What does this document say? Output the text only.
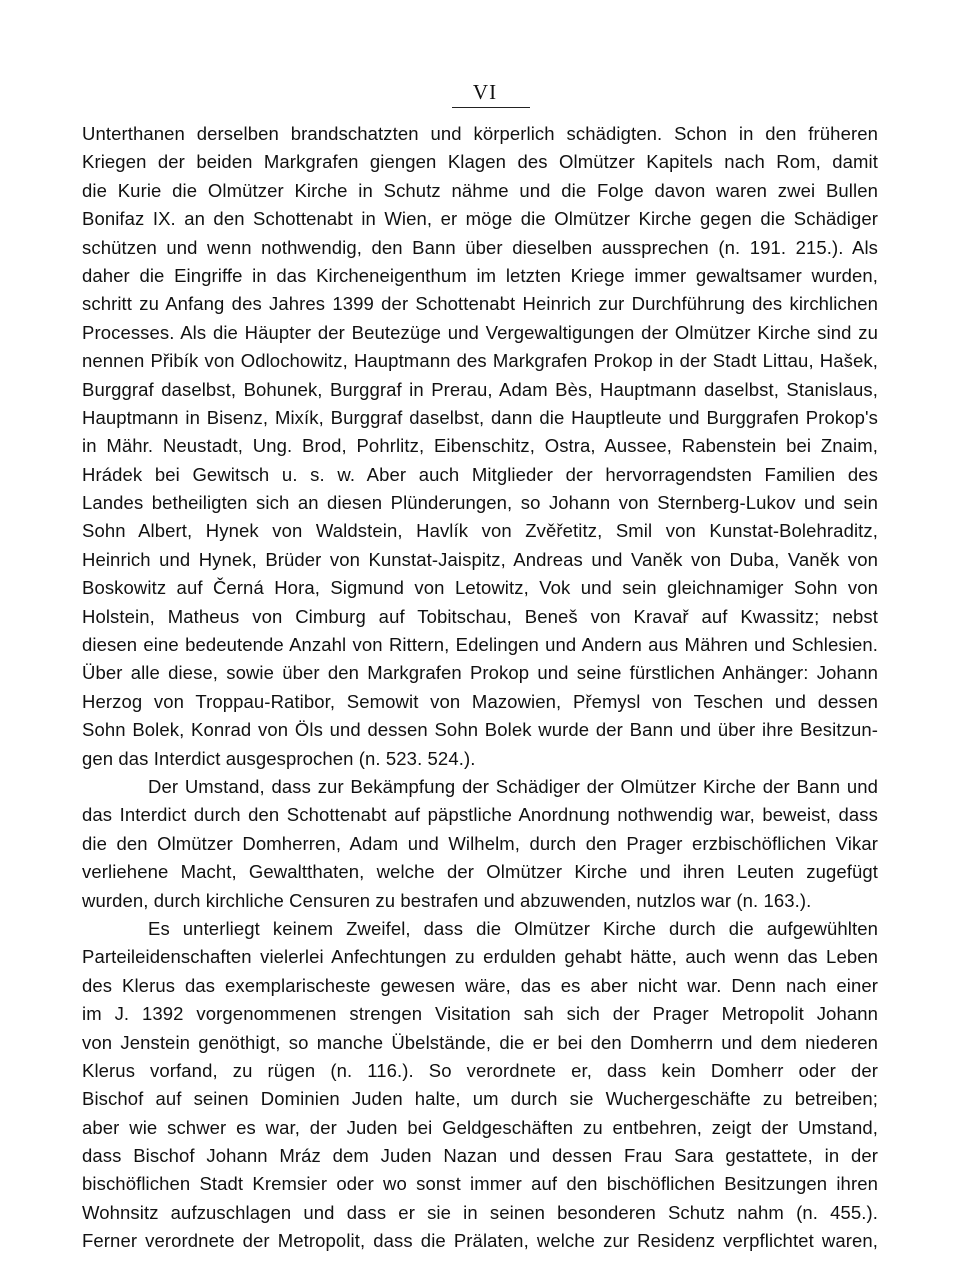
VI
Unterthanen derselben brandschatzten und körperlich schädigten. Schon in den früheren
Kriegen der beiden Markgrafen giengen Klagen des Olmützer Kapitels nach Rom, damit
die Kurie die Olmützer Kirche in Schutz nähme und die Folge davon waren zwei Bullen
Bonifaz IX. an den Schottenabt in Wien, er möge die Olmützer Kirche gegen die Schädiger
schützen und wenn nothwendig, den Bann über dieselben aussprechen (n. 191. 215.). Als
daher die Eingriffe in das Kircheneigenthum im letzten Kriege immer gewaltsamer wurden,
schritt zu Anfang des Jahres 1399 der Schottenabt Heinrich zur Durchführung des kirchlichen
Processes. Als die Häupter der Beutezüge und Vergewaltigungen der Olmützer Kirche sind zu
nennen Přibík von Odlochowitz, Hauptmann des Markgrafen Prokop in der Stadt Littau, Hašek,
Burggraf daselbst, Bohunek, Burggraf in Prerau, Adam Bès, Hauptmann daselbst, Stanislaus,
Hauptmann in Bisenz, Mixík, Burggraf daselbst, dann die Hauptleute und Burggrafen Prokop's
in Mähr. Neustadt, Ung. Brod, Pohrlitz, Eibenschitz, Ostra, Aussee, Rabenstein bei Znaim,
Hrádek bei Gewitsch u. s. w. Aber auch Mitglieder der hervorragendsten Familien des
Landes betheiligten sich an diesen Plünderungen, so Johann von Sternberg-Lukov und sein
Sohn Albert, Hynek von Waldstein, Havlík von Zvěřetitz, Smil von Kunstat-Bolehraditz,
Heinrich und Hynek, Brüder von Kunstat-Jaispitz, Andreas und Vaněk von Duba, Vaněk von
Boskowitz auf Černá Hora, Sigmund von Letowitz, Vok und sein gleichnamiger Sohn von
Holstein, Matheus von Cimburg auf Tobitschau, Beneš von Kravař auf Kwassitz; nebst
diesen eine bedeutende Anzahl von Rittern, Edelingen und Andern aus Mähren und Schlesien.
Über alle diese, sowie über den Markgrafen Prokop und seine fürstlichen Anhänger: Johann
Herzog von Troppau-Ratibor, Semowit von Mazowien, Přemysl von Teschen und dessen
Sohn Bolek, Konrad von Öls und dessen Sohn Bolek wurde der Bann und über ihre Besitzun-
gen das Interdict ausgesprochen (n. 523. 524.).
Der Umstand, dass zur Bekämpfung der Schädiger der Olmützer Kirche der Bann und
das Interdict durch den Schottenabt auf päpstliche Anordnung nothwendig war, beweist, dass
die den Olmützer Domherren, Adam und Wilhelm, durch den Prager erzbischöflichen Vikar
verliehene Macht, Gewaltthaten, welche der Olmützer Kirche und ihren Leuten zugefügt
wurden, durch kirchliche Censuren zu bestrafen und abzuwenden, nutzlos war (n. 163.).
Es unterliegt keinem Zweifel, dass die Olmützer Kirche durch die aufgewühlten
Parteileidenschaften vielerlei Anfechtungen zu erdulden gehabt hätte, auch wenn das Leben
des Klerus das exemplarischeste gewesen wäre, das es aber nicht war. Denn nach einer
im J. 1392 vorgenommenen strengen Visitation sah sich der Prager Metropolit Johann
von Jenstein genöthigt, so manche Übelstände, die er bei den Domherrn und dem niederen
Klerus vorfand, zu rügen (n. 116.). So verordnete er, dass kein Domherr oder der
Bischof auf seinen Dominien Juden halte, um durch sie Wuchergeschäfte zu betreiben;
aber wie schwer es war, der Juden bei Geldgeschäften zu entbehren, zeigt der Umstand,
dass Bischof Johann Mráz dem Juden Nazan und dessen Frau Sara gestattete, in der
bischöflichen Stadt Kremsier oder wo sonst immer auf den bischöflichen Besitzungen ihren
Wohnsitz aufzuschlagen und dass er sie in seinen besonderen Schutz nahm (n. 455.).
Ferner verordnete der Metropolit, dass die Prälaten, welche zur Residenz verpflichtet waren,
